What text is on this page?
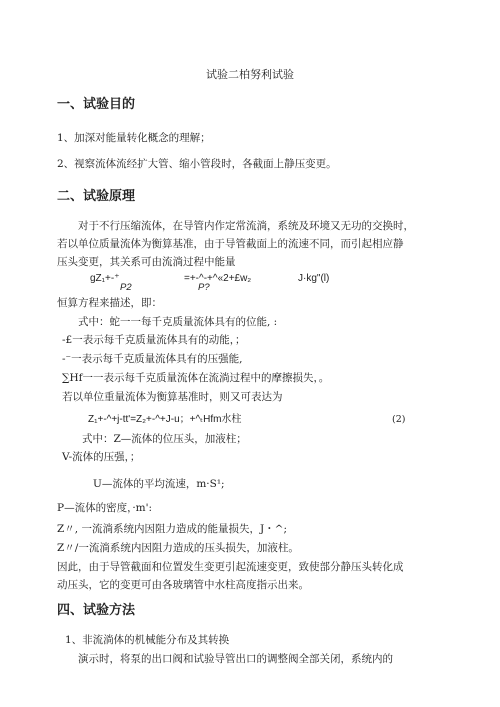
试验二柏努利试验
一、试验目的
1、加深对能量转化概念的理解；
2、视察流体流经扩大管、缩小管段时，各截面上静压变更。
二、试验原理
对于不行压缩流体，在导管内作定常流淌，系统及环境又无功的交换时，
若以单位质量流体为衡算基准，由于导管截面上的流速不同，而引起相应静
压头变更，其关系可由流淌过程中能量
gZ₁+-⁺
P2
=+-^-+^«2+£w₂
P?
J·kg"(l)
恒算方程来描述，即：
式中：蛇一一每千克质量流体具有的位能, :
-£一表示每千克质量流体具有的动能，；
-⁻一表示每千克质量流体具有的压强能,
∑Hf一一表示每千克质量流体在流淌过程中的摩擦损失，。
若以单位重量流体为衡算基准时，则又可表达为
Z₁+-^+j-tt'=Z₂+-^+J-u；+^ₜHfm水柱	(2)
式中：Z—流体的位压头，加液柱；
V-流体的压强，；
U—流体的平均流速，m·S¹;
P—流体的密度，·m':
Z〃, 一流淌系统内因阻力造成的能量损失，J・^;
Z〃/一流淌系统内因阻力造成的压头损失，加液柱。
因此，由于导管截面和位置发生变更引起流速变更，致使部分静压头转化成
动压头，它的变更可由各玻璃管中水柱高度指示出来。
四、试验方法
1、非流淌体的机械能分布及其转换
演示时，将泵的出口阀和试验导管出口的调整阀全部关闭，系统内的
